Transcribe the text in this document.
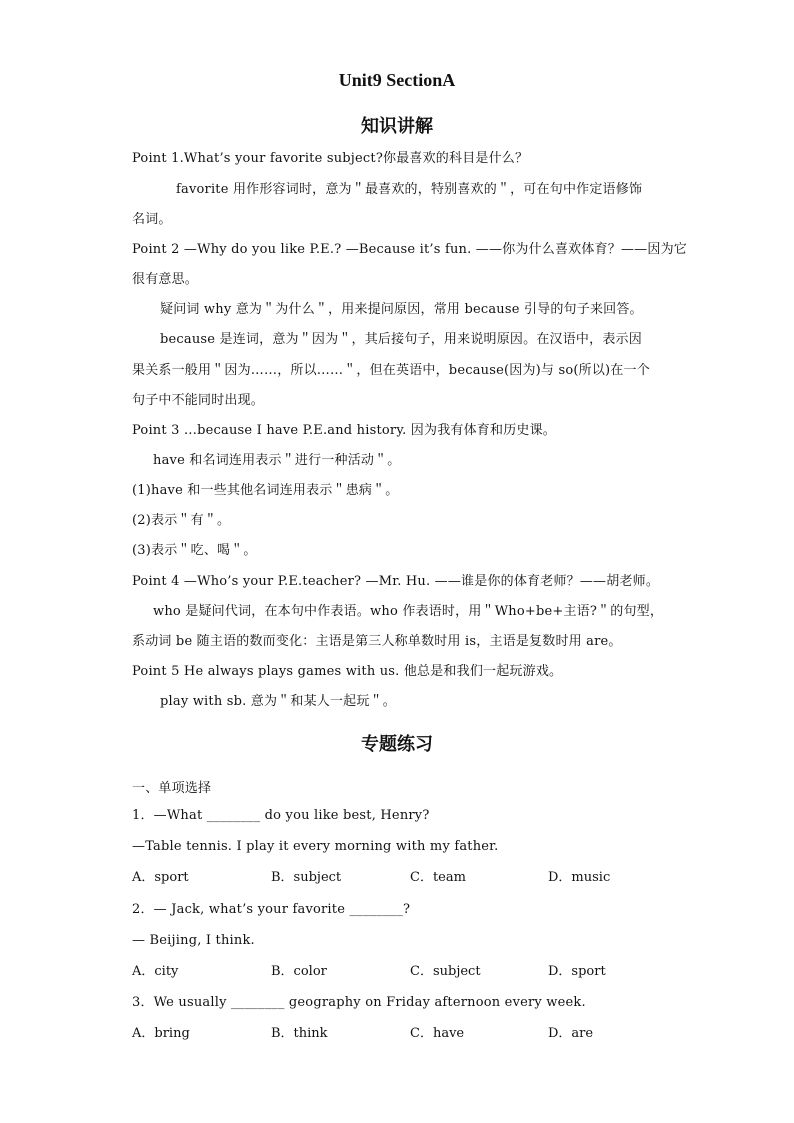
Unit9 SectionA
知识讲解
Point 1.What’s your favorite subject?你最喜欢的科目是什么？
favorite 用作形容词时，意为＂最喜欢的，特别喜欢的＂，可在句中作定语修饰
名词。
Point 2 —Why do you like P.E.? —Because it’s fun. ——你为什么喜欢体育？——因为它
很有意思。
疑问词 why 意为＂为什么＂，用来提问原因，常用 because 引导的句子来回答。
because 是连词，意为＂因为＂，其后接句子，用来说明原因。在汉语中，表示因
果关系一般用＂因为……，所以……＂，但在英语中，because(因为)与 so(所以)在一个
句子中不能同时出现。
Point 3 …because I have P.E.and history. 因为我有体育和历史课。
have 和名词连用表示＂进行一种活动＂。
(1)have 和一些其他名词连用表示＂患病＂。
(2)表示＂有＂。
(3)表示＂吃、喝＂。
Point 4 —Who’s your P.E.teacher? —Mr. Hu. ——谁是你的体育老师？——胡老师。
who 是疑问代词，在本句中作表语。who 作表语时，用＂Who+be+主语?＂的句型，
系动词 be 随主语的数而变化：主语是第三人称单数时用 is，主语是复数时用 are。
Point 5 He always plays games with us. 他总是和我们一起玩游戏。
play with sb. 意为＂和某人一起玩＂。
专题练习
一、单项选择
1．—What ________ do you like best, Henry?
—Table tennis. I play it every morning with my father.
A．sport	B．subject	C．team	D．music
2．— Jack, what’s your favorite ________?
— Beijing, I think.
A．city	B．color	C．subject	D．sport
3．We usually ________ geography on Friday afternoon every week.
A．bring	B．think	C．have	D．are
